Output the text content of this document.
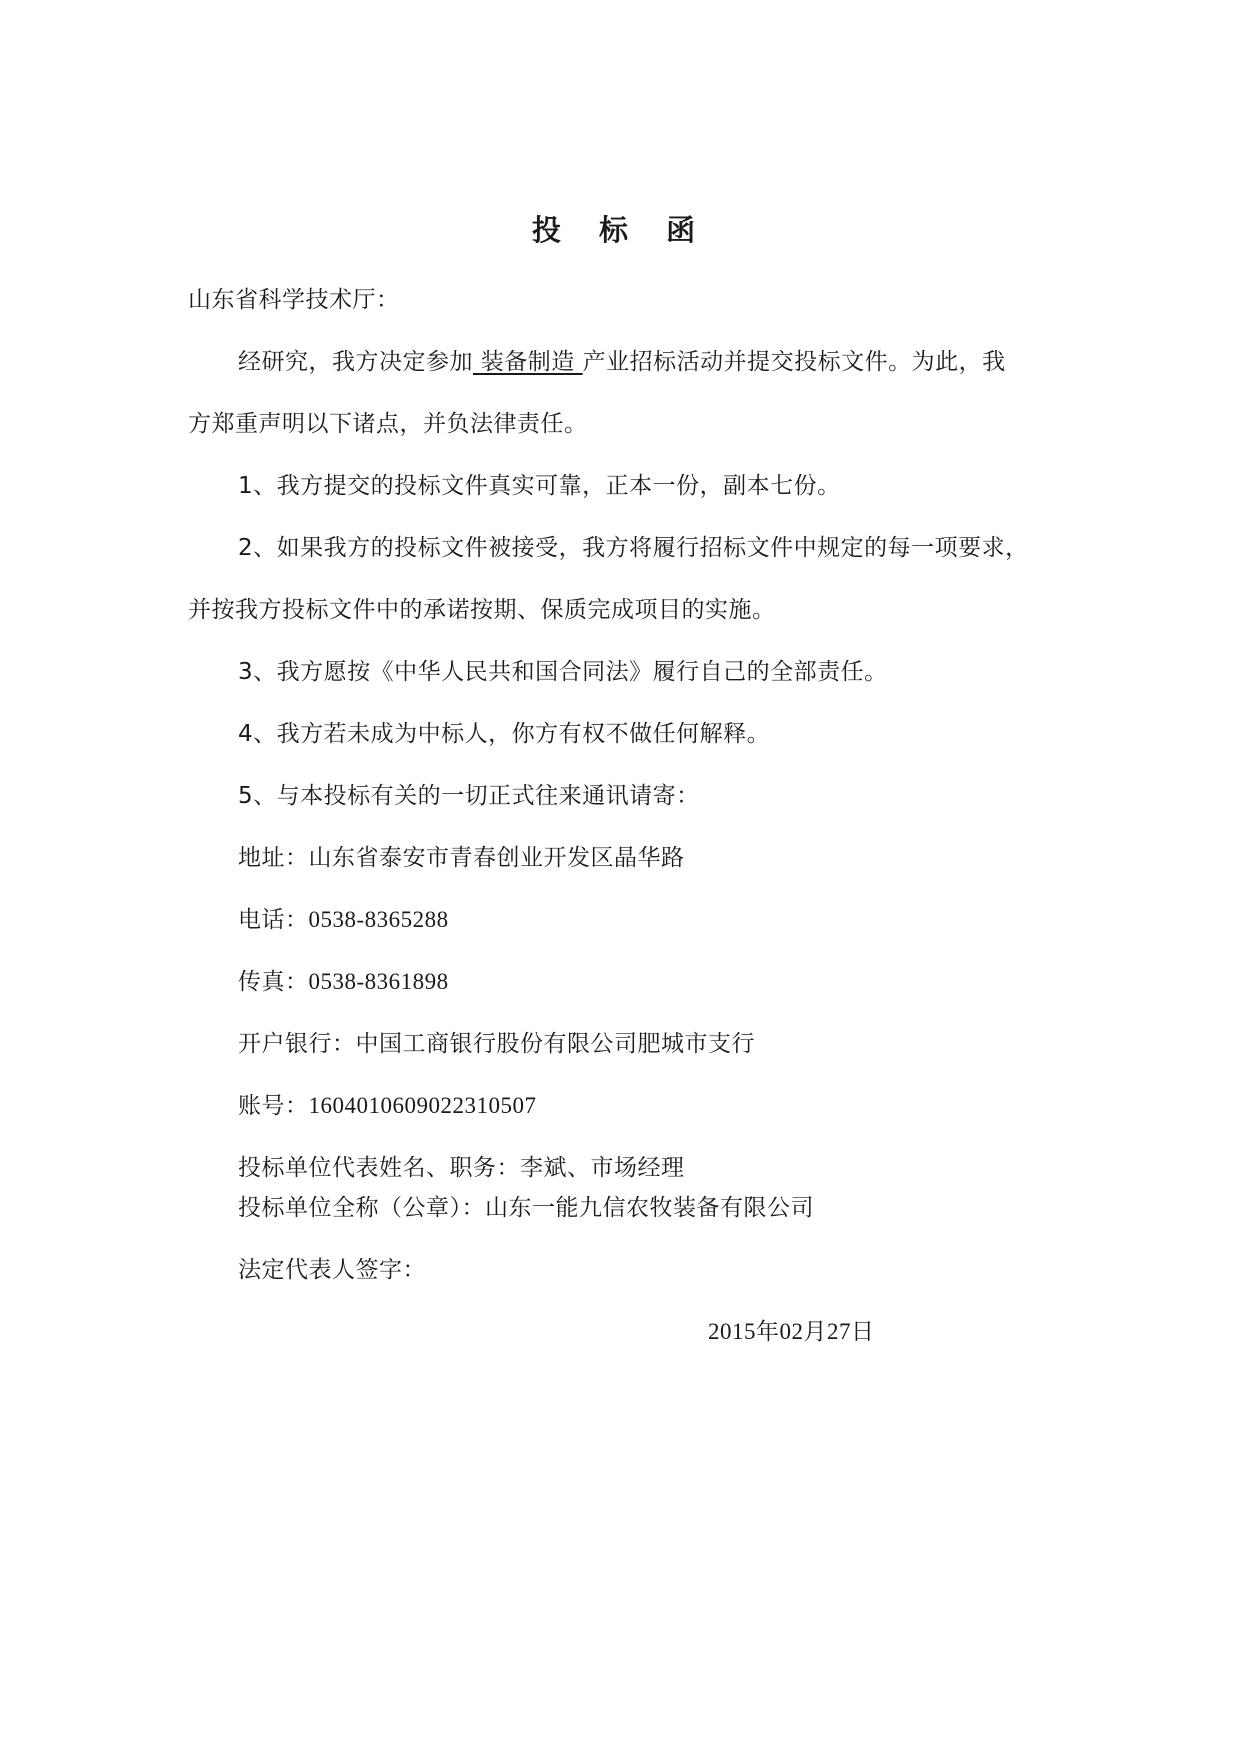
投 标 函
山东省科学技术厅：
经研究，我方决定参加 装备制造 产业招标活动并提交投标文件。为此，我
方郑重声明以下诸点，并负法律责任。
1、我方提交的投标文件真实可靠，正本一份，副本七份。
2、如果我方的投标文件被接受，我方将履行招标文件中规定的每一项要求，
并按我方投标文件中的承诺按期、保质完成项目的实施。
3、我方愿按《中华人民共和国合同法》履行自己的全部责任。
4、我方若未成为中标人，你方有权不做任何解释。
5、与本投标有关的一切正式往来通讯请寄：
地址：山东省泰安市青春创业开发区晶华路
电话：0538-8365288
传真：0538-8361898
开户银行：中国工商银行股份有限公司肥城市支行
账号：1604010609022310507
投标单位代表姓名、职务：李斌、市场经理
投标单位全称（公章）：山东一能九信农牧装备有限公司
法定代表人签字：
2015年02月27日
